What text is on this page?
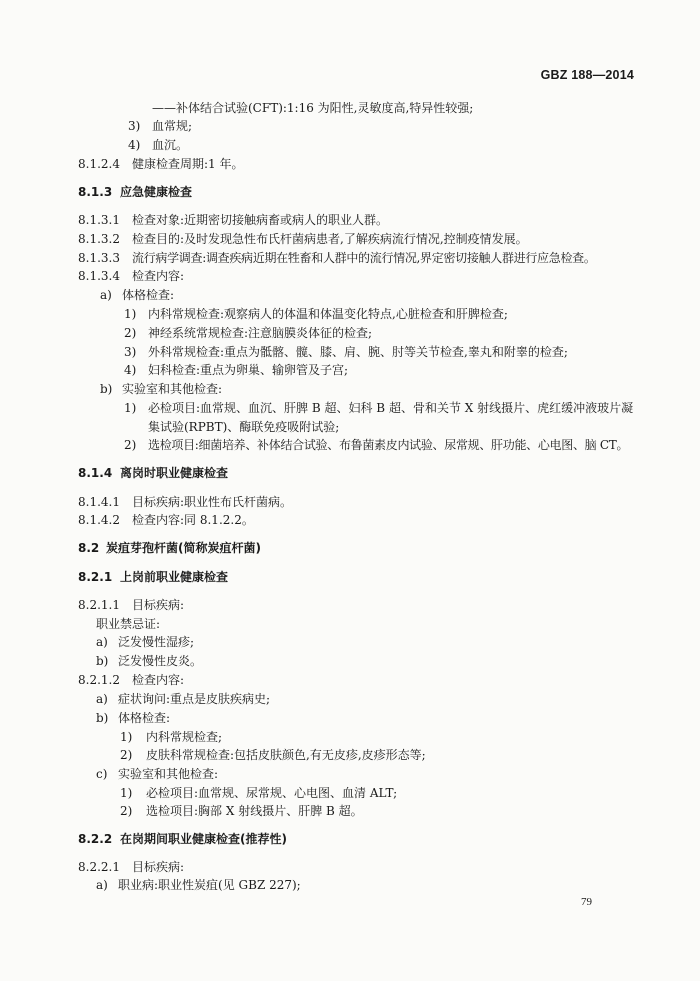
GBZ 188—2014
——补体结合试验(CFT):1:16 为阳性,灵敏度高,特异性较强;
3) 血常规;
4) 血沉。
8.1.2.4 健康检查周期:1 年。
8.1.3 应急健康检查
8.1.3.1 检查对象:近期密切接触病畜或病人的职业人群。
8.1.3.2 检查目的:及时发现急性布氏杆菌病患者,了解疾病流行情况,控制疫情发展。
8.1.3.3 流行病学调查:调查疾病近期在牲畜和人群中的流行情况,界定密切接触人群进行应急检查。
8.1.3.4 检查内容:
a) 体格检查:
1) 内科常规检查:观察病人的体温和体温变化特点,心脏检查和肝脾检查;
2) 神经系统常规检查:注意脑膜炎体征的检查;
3) 外科常规检查:重点为骶髂、髋、膝、肩、腕、肘等关节检查,睾丸和附睾的检查;
4) 妇科检查:重点为卵巢、输卵管及子宫;
b) 实验室和其他检查:
1) 必检项目:血常规、血沉、肝脾 B 超、妇科 B 超、骨和关节 X 射线摄片、虎红缓冲液玻片凝
集试验(RPBT)、酶联免疫吸附试验;
2) 选检项目:细菌培养、补体结合试验、布鲁菌素皮内试验、尿常规、肝功能、心电图、脑 CT。
8.1.4 离岗时职业健康检查
8.1.4.1 目标疾病:职业性布氏杆菌病。
8.1.4.2 检查内容:同 8.1.2.2。
8.2 炭疽芽孢杆菌(简称炭疽杆菌)
8.2.1 上岗前职业健康检查
8.2.1.1 目标疾病:
职业禁忌证:
a) 泛发慢性湿疹;
b) 泛发慢性皮炎。
8.2.1.2 检查内容:
a) 症状询问:重点是皮肤疾病史;
b) 体格检查:
1) 内科常规检查;
2) 皮肤科常规检查:包括皮肤颜色,有无皮疹,皮疹形态等;
c) 实验室和其他检查:
1) 必检项目:血常规、尿常规、心电图、血清 ALT;
2) 选检项目:胸部 X 射线摄片、肝脾 B 超。
8.2.2 在岗期间职业健康检查(推荐性)
8.2.2.1 目标疾病:
a) 职业病:职业性炭疽(见 GBZ 227);
79
